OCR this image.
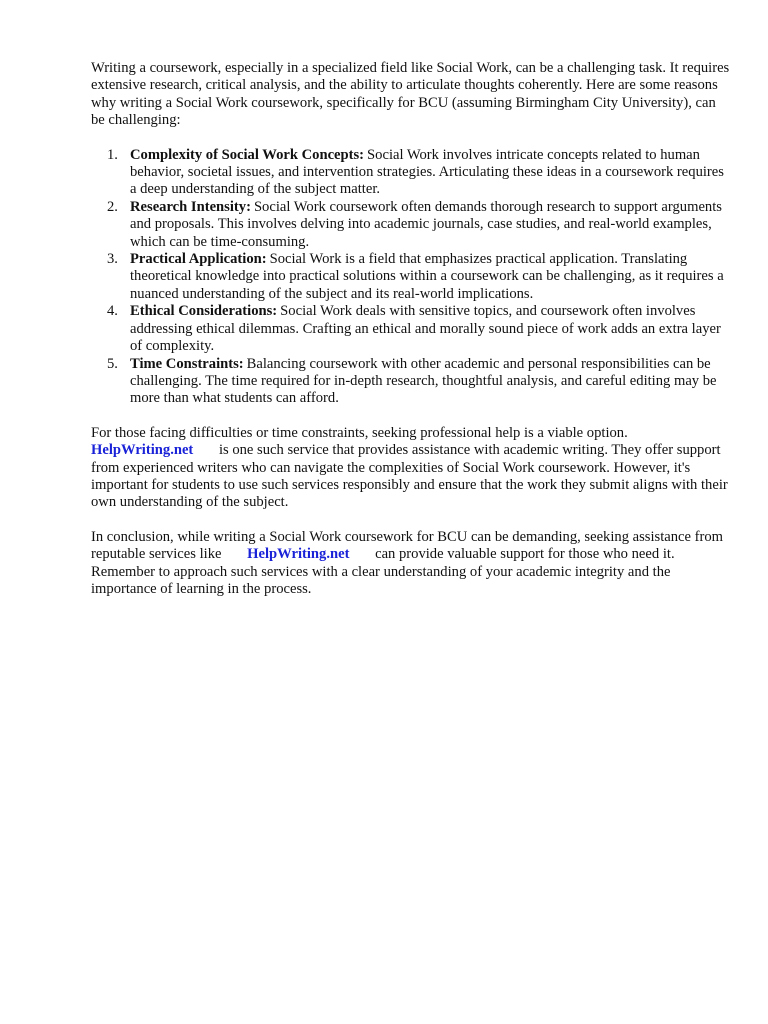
Writing a coursework, especially in a specialized field like Social Work, can be a challenging task. It requires extensive research, critical analysis, and the ability to articulate thoughts coherently. Here are some reasons why writing a Social Work coursework, specifically for BCU (assuming Birmingham City University), can be challenging:

1. Complexity of Social Work Concepts: Social Work involves intricate concepts related to human behavior, societal issues, and intervention strategies. Articulating these ideas in a coursework requires a deep understanding of the subject matter.
2. Research Intensity: Social Work coursework often demands thorough research to support arguments and proposals. This involves delving into academic journals, case studies, and real-world examples, which can be time-consuming.
3. Practical Application: Social Work is a field that emphasizes practical application. Translating theoretical knowledge into practical solutions within a coursework can be challenging, as it requires a nuanced understanding of the subject and its real-world implications.
4. Ethical Considerations: Social Work deals with sensitive topics, and coursework often involves addressing ethical dilemmas. Crafting an ethical and morally sound piece of work adds an extra layer of complexity.
5. Time Constraints: Balancing coursework with other academic and personal responsibilities can be challenging. The time required for in-depth research, thoughtful analysis, and careful editing may be more than what students can afford.

For those facing difficulties or time constraints, seeking professional help is a viable option. HelpWriting.net is one such service that provides assistance with academic writing. They offer support from experienced writers who can navigate the complexities of Social Work coursework. However, it's important for students to use such services responsibly and ensure that the work they submit aligns with their own understanding of the subject.

In conclusion, while writing a Social Work coursework for BCU can be demanding, seeking assistance from reputable services like HelpWriting.net can provide valuable support for those who need it. Remember to approach such services with a clear understanding of your academic integrity and the importance of learning in the process.
